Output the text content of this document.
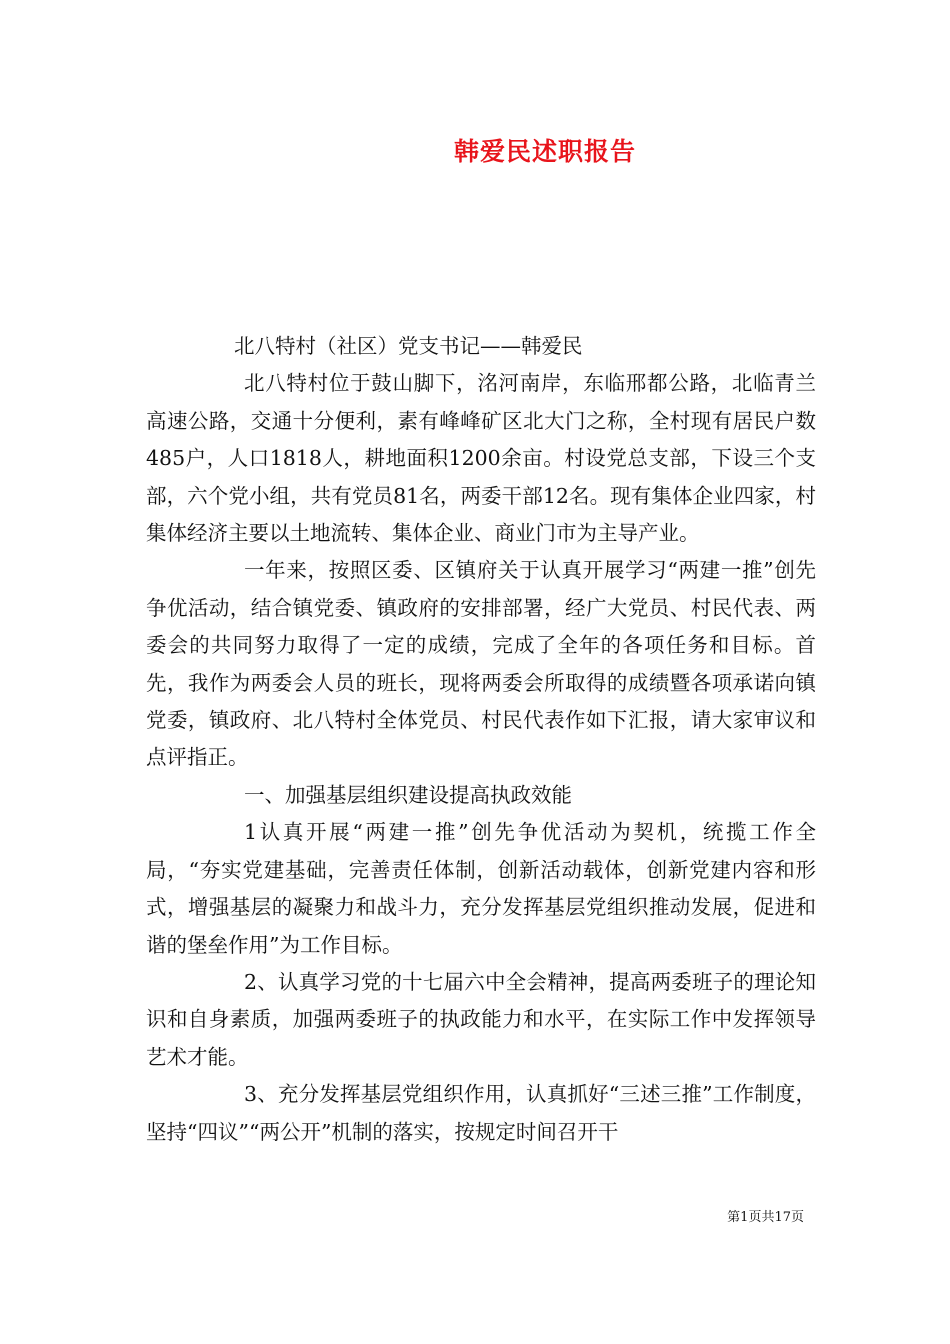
韩爱民述职报告

北八特村（社区）党支书记——韩爱民

北八特村位于鼓山脚下，洺河南岸，东临邢都公路，北临青兰高速公路，交通十分便利，素有峰峰矿区北大门之称，全村现有居民户数485户，人口1818人，耕地面积1200余亩。村设党总支部，下设三个支部，六个党小组，共有党员81名，两委干部12名。现有集体企业四家，村集体经济主要以土地流转、集体企业、商业门市为主导产业。

一年来，按照区委、区镇府关于认真开展学习“两建一推”创先争优活动，结合镇党委、镇政府的安排部署，经广大党员、村民代表、两委会的共同努力取得了一定的成绩，完成了全年的各项任务和目标。首先，我作为两委会人员的班长，现将两委会所取得的成绩暨各项承诺向镇党委，镇政府、北八特村全体党员、村民代表作如下汇报，请大家审议和点评指正。

一、加强基层组织建设提高执政效能

1认真开展“两建一推”创先争优活动为契机，统揽工作全局，“夯实党建基础，完善责任体制，创新活动载体，创新党建内容和形式，增强基层的凝聚力和战斗力，充分发挥基层党组织推动发展，促进和谐的堡垒作用”为工作目标。

2、认真学习党的十七届六中全会精神，提高两委班子的理论知识和自身素质，加强两委班子的执政能力和水平，在实际工作中发挥领导艺术才能。

3、充分发挥基层党组织作用，认真抓好“三述三推”工作制度，坚持“四议”“两公开”机制的落实，按规定时间召开干

第1页共17页
